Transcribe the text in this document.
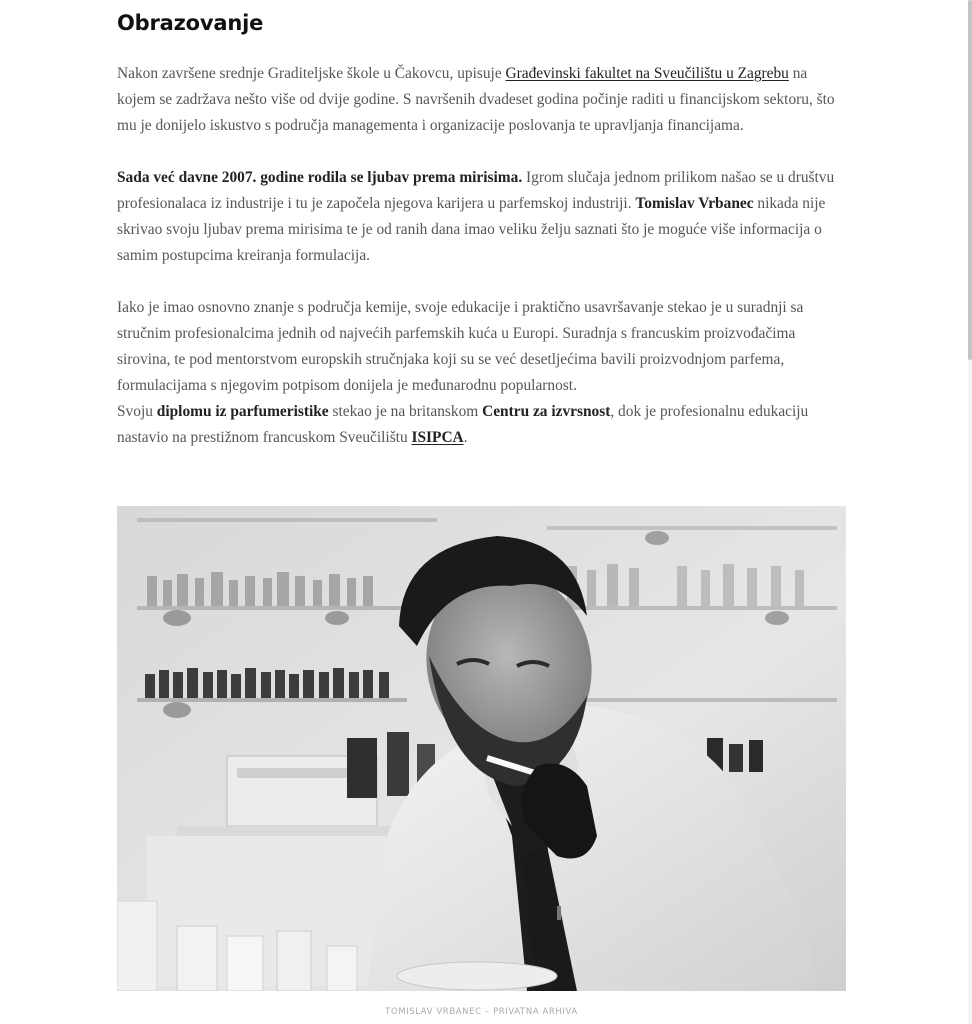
Obrazovanje

Nakon završene srednje Graditeljske škole u Čakovcu, upisuje Građevinski fakultet na Sveučilištu u Zagrebu na kojem se zadržava nešto više od dvije godine. S navršenih dvadeset godina počinje raditi u financijskom sektoru, što mu je donijelo iskustvo s područja managementa i organizacije poslovanja te upravljanja financijama.

Sada već davne 2007. godine rodila se ljubav prema mirisima. Igrom slučaja jednom prilikom našao se u društvu profesionalaca iz industrije i tu je započela njegova karijera u parfemskoj industriji. Tomislav Vrbanec nikada nije skrivao svoju ljubav prema mirisima te je od ranih dana imao veliku želju saznati što je moguće više informacija o samim postupcima kreiranja formulacija.

Iako je imao osnovno znanje s područja kemije, svoje edukacije i praktično usavršavanje stekao je u suradnji sa stručnim profesionalcima jednih od najvećih parfemskih kuća u Europi. Suradnja s francuskim proizvođačima sirovina, te pod mentorstvom europskih stručnjaka koji su se već desetljećima bavili proizvodnjom parfema, formulacijama s njegovim potpisom donijela je međunarodnu popularnost.
Svoju diplomu iz parfumeristike stekao je na britanskom Centru za izvrsnost, dok je profesionalnu edukaciju nastavio na prestižnom francuskom Sveučilištu ISIPCA.

TOMISLAV VRBANEC – PRIVATNA ARHIVA
